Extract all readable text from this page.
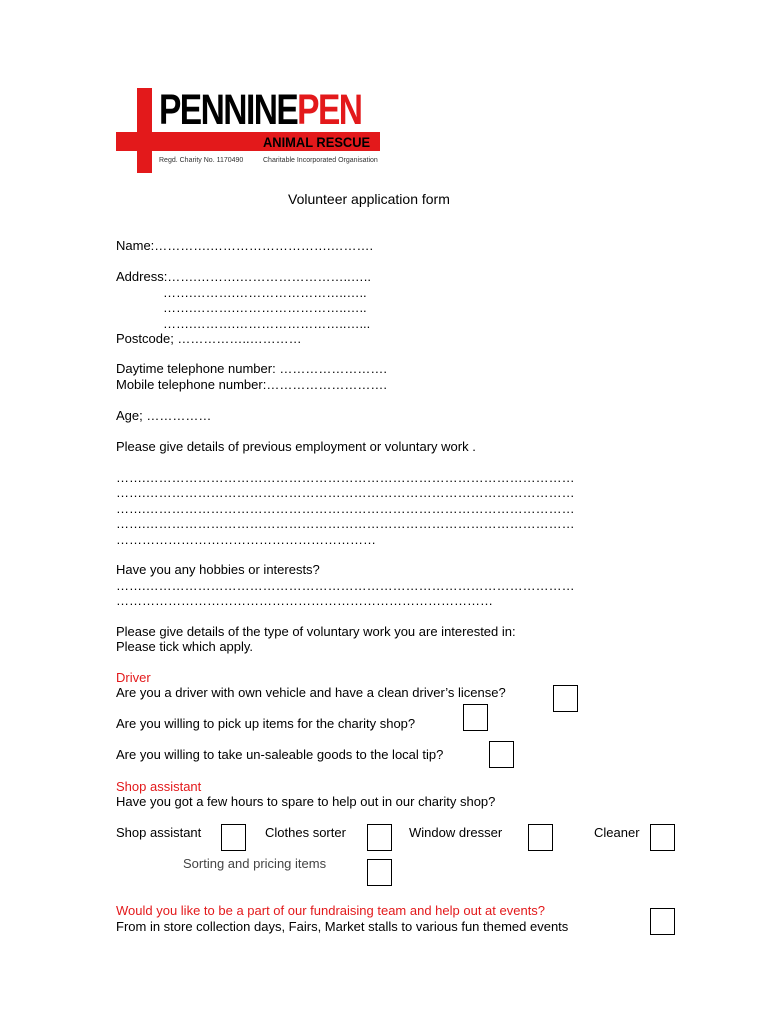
PENNINEPEN
ANIMAL RESCUE
Regd. Charity No. 1170490	Charitable Incorporated Organisation
Volunteer application form
Name:………….……………………….……….
Address:…….……….……………………..…..
…….……….……………………..…..
…….……….……………………..…..
…….……….……………………..…...
Postcode; ……………..…………
Daytime telephone number: …………………….
Mobile telephone number:……………………….
Age; ……………
Please give details of previous employment or voluntary work .
…….………………………………………………………………………………………
…….………………………………………………………………………………………
…….………………………………………………………………………………………
…….………………………………………………………………………………………
……………………………………………………
Have you any hobbies or interests?
…….………………………………………………………………………………………
……………………………………………………………………………
Please give details of the type of voluntary work you are interested in:
Please tick which apply.
Driver
Are you a driver with own vehicle and have a clean driver’s license?
Are you willing to pick up items for the charity shop?
Are you willing to take un-saleable goods to the local tip?
Shop assistant
Have you got a few hours to spare to help out in our charity shop?
Shop assistant	Clothes sorter	Window dresser	Cleaner
Sorting and pricing items
Would you like to be a part of our fundraising team and help out at events?
From in store collection days, Fairs, Market stalls to various fun themed events
